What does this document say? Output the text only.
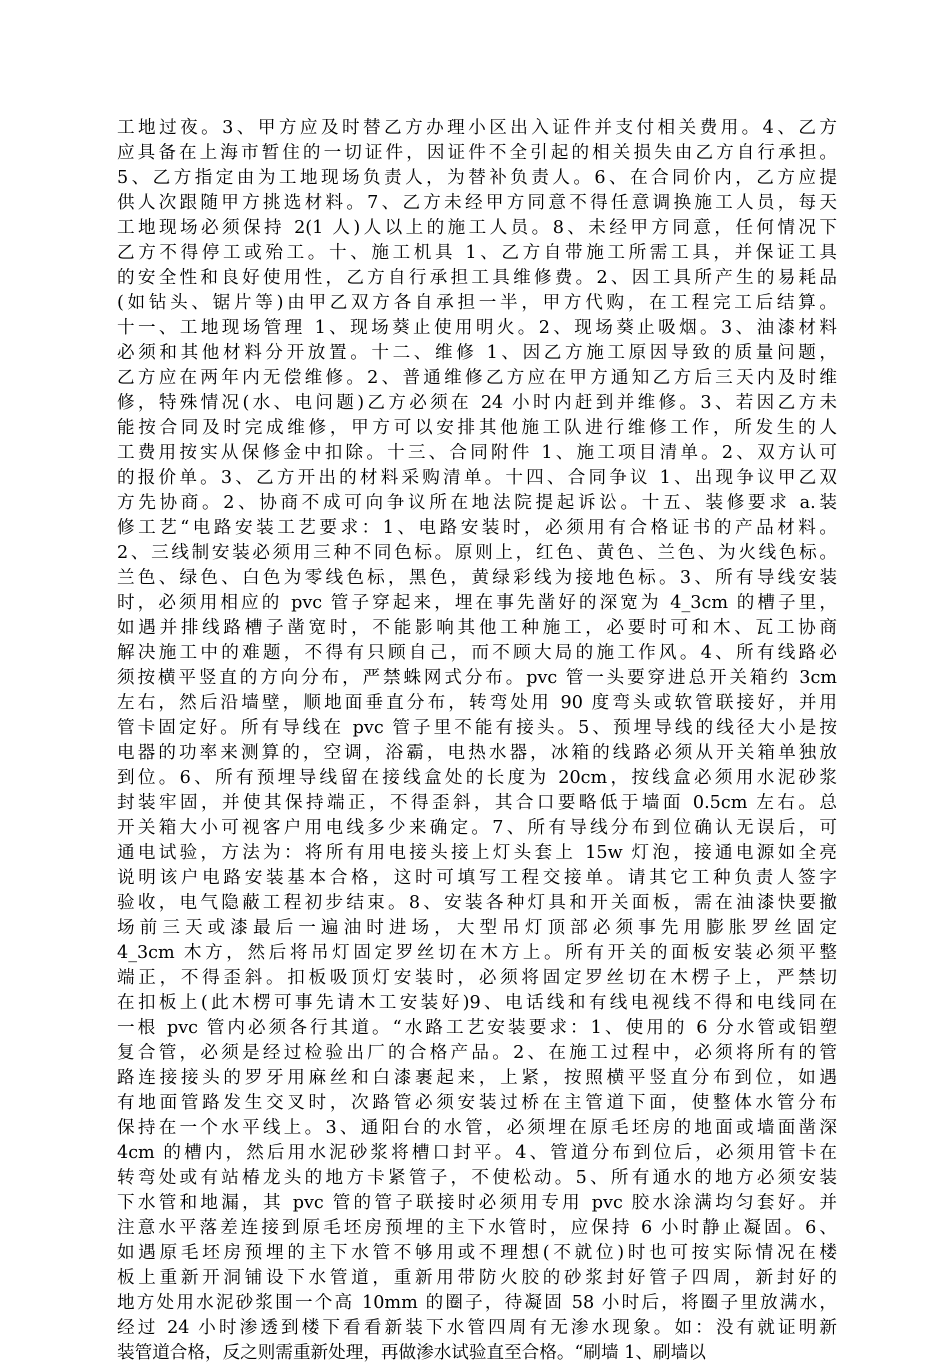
工地过夜。3、甲方应及时替乙方办理小区出入证件并支付相关费用。4、乙方
应具备在上海市暂住的一切证件，因证件不全引起的相关损失由乙方自行承担。
5、乙方指定由为工地现场负责人，为替补负责人。6、在合同价内，乙方应提
供人次跟随甲方挑选材料。7、乙方未经甲方同意不得任意调换施工人员，每天
工地现场必须保持 2(1 人)人以上的施工人员。8、未经甲方同意，任何情况下
乙方不得停工或殆工。十、施工机具 1、乙方自带施工所需工具，并保证工具
的安全性和良好使用性，乙方自行承担工具维修费。2、因工具所产生的易耗品
(如钻头、锯片等)由甲乙双方各自承担一半，甲方代购，在工程完工后结算。
十一、工地现场管理 1、现场葵止使用明火。2、现场葵止吸烟。3、油漆材料
必须和其他材料分开放置。十二、维修 1、因乙方施工原因导致的质量问题，
乙方应在两年内无偿维修。2、普通维修乙方应在甲方通知乙方后三天内及时维
修，特殊情况(水、电问题)乙方必须在 24 小时内赶到并维修。3、若因乙方未
能按合同及时完成维修，甲方可以安排其他施工队进行维修工作，所发生的人
工费用按实从保修金中扣除。十三、合同附件 1、施工项目清单。2、双方认可
的报价单。3、乙方开出的材料采购清单。十四、合同争议 1、出现争议甲乙双
方先协商。2、协商不成可向争议所在地法院提起诉讼。十五、装修要求 a.装
修工艺“电路安装工艺要求：1、电路安装时，必须用有合格证书的产品材料。
2、三线制安装必须用三种不同色标。原则上，红色、黄色、兰色、为火线色标。
兰色、绿色、白色为零线色标，黑色，黄绿彩线为接地色标。3、所有导线安装
时，必须用相应的 pvc 管子穿起来，埋在事先凿好的深宽为 4_3cm 的槽子里，
如遇并排线路槽子凿宽时，不能影响其他工种施工，必要时可和木、瓦工协商
解决施工中的难题，不得有只顾自己，而不顾大局的施工作风。4、所有线路必
须按横平竖直的方向分布，严禁蛛网式分布。pvc 管一头要穿进总开关箱约 3cm
左右，然后沿墙壁，顺地面垂直分布，转弯处用 90 度弯头或软管联接好，并用
管卡固定好。所有导线在 pvc 管子里不能有接头。5、预埋导线的线径大小是按
电器的功率来测算的，空调，浴霸，电热水器，冰箱的线路必须从开关箱单独放
到位。6、所有预埋导线留在接线盒处的长度为 20cm，按线盒必须用水泥砂浆
封装牢固，并使其保持端正，不得歪斜，其合口要略低于墙面 0.5cm 左右。总
开关箱大小可视客户用电线多少来确定。7、所有导线分布到位确认无误后，可
通电试验，方法为：将所有用电接头接上灯头套上 15w 灯泡，接通电源如全亮
说明该户电路安装基本合格，这时可填写工程交接单。请其它工种负责人签字
验收，电气隐蔽工程初步结束。8、安装各种灯具和开关面板，需在油漆快要撤
场前三天或漆最后一遍油时进场，大型吊灯顶部必须事先用膨胀罗丝固定
4_3cm 木方，然后将吊灯固定罗丝切在木方上。所有开关的面板安装必须平整
端正，不得歪斜。扣板吸顶灯安装时，必须将固定罗丝切在木楞子上，严禁切
在扣板上(此木楞可事先请木工安装好)9、电话线和有线电视线不得和电线同在
一根 pvc 管内必须各行其道。“水路工艺安装要求：1、使用的 6 分水管或铝塑
复合管，必须是经过检验出厂的合格产品。2、在施工过程中，必须将所有的管
路连接接头的罗牙用麻丝和白漆裹起来，上紧，按照横平竖直分布到位，如遇
有地面管路发生交叉时，次路管必须安装过桥在主管道下面，使整体水管分布
保持在一个水平线上。3、通阳台的水管，必须埋在原毛坯房的地面或墙面凿深
4cm 的槽内，然后用水泥砂浆将槽口封平。4、管道分布到位后，必须用管卡在
转弯处或有站椿龙头的地方卡紧管子，不使松动。5、所有通水的地方必须安装
下水管和地漏，其 pvc 管的管子联接时必须用专用 pvc 胶水涂满均匀套好。并
注意水平落差连接到原毛坯房预埋的主下水管时，应保持 6 小时静止凝固。6、
如遇原毛坯房预埋的主下水管不够用或不理想(不就位)时也可按实际情况在楼
板上重新开洞铺设下水管道，重新用带防火胶的砂浆封好管子四周，新封好的
地方处用水泥砂浆围一个高 10mm 的圈子，待凝固 58 小时后，将圈子里放满水，
经过 24 小时渗透到楼下看看新装下水管四周有无渗水现象。如：没有就证明新
装管道合格，反之则需重新处理，再做渗水试验直至合格。“刷墙 1、刷墙以
